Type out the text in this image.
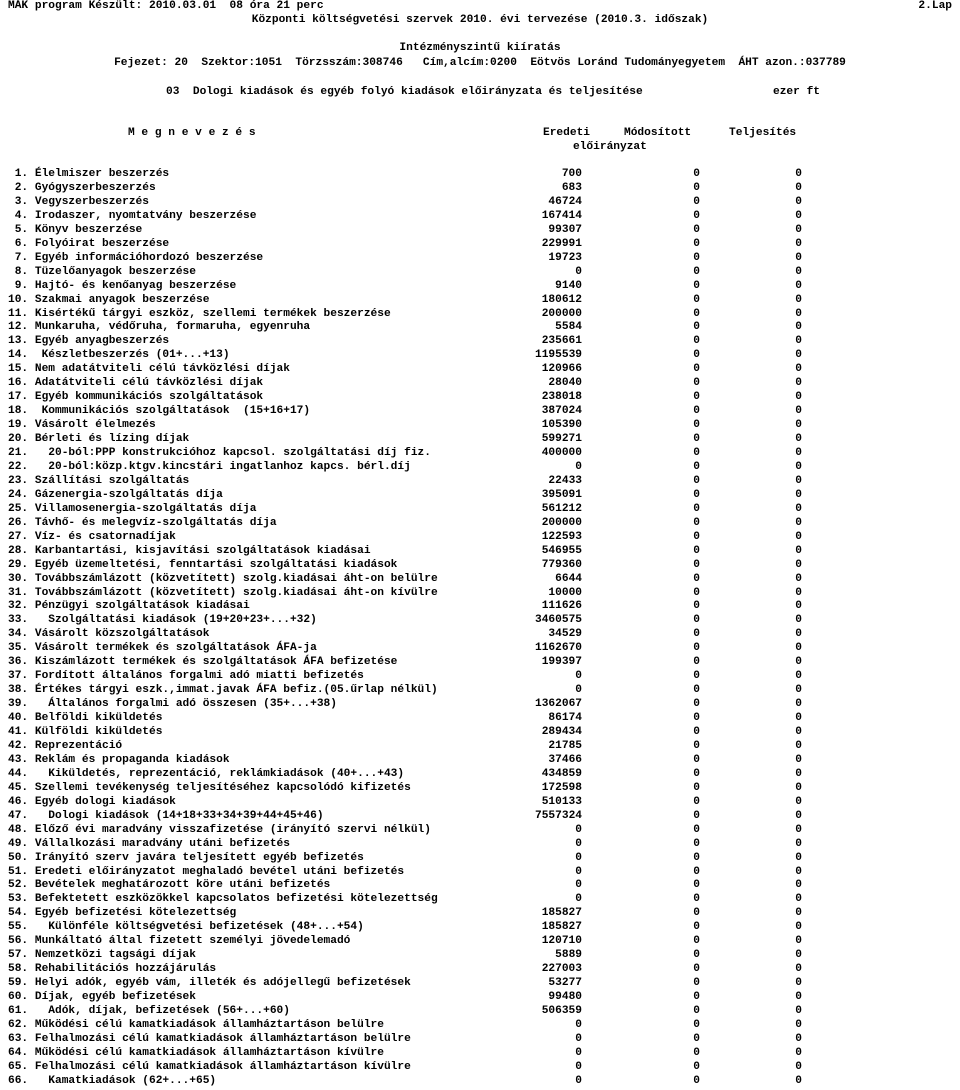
MÁK program Készült: 2010.03.01  08 óra 21 perc	2.Lap
Központi költségvetési szervek 2010. évi tervezése (2010.3. időszak)
Intézményszintű kiíratás
Fejezet: 20  Szektor:1051  Törzsszám:308746   Cím,alcím:0200  Eötvös Loránd Tudományegyetem  ÁHT azon.:037789
03  Dologi kiadások és egyéb folyó kiadások előirányzata és teljesítése	ezer ft
M e g n e v e z é s	Eredeti	Módosított	Teljesítés
előirányzat
1. Élelmiszer beszerzés	700	0	0
2. Gyógyszerbeszerzés	683	0	0
3. Vegyszerbeszerzés	46724	0	0
4. Irodaszer, nyomtatvány beszerzése	167414	0	0
5. Könyv beszerzése	99307	0	0
6. Folyóirat beszerzése	229991	0	0
7. Egyéb információhordozó beszerzése	19723	0	0
8. Tüzelőanyagok beszerzése	0	0	0
9. Hajtó- és kenőanyag beszerzése	9140	0	0
10. Szakmai anyagok beszerzése	180612	0	0
11. Kisértékű tárgyi eszköz, szellemi termékek beszerzése	200000	0	0
12. Munkaruha, védőruha, formaruha, egyenruha	5584	0	0
13. Egyéb anyagbeszerzés	235661	0	0
14.  Készletbeszerzés (01+...+13)	1195539	0	0
15. Nem adatátviteli célú távközlési díjak	120966	0	0
16. Adatátviteli célú távközlési díjak	28040	0	0
17. Egyéb kommunikációs szolgáltatások	238018	0	0
18.  Kommunikációs szolgáltatások  (15+16+17)	387024	0	0
19. Vásárolt élelmezés	105390	0	0
20. Bérleti és lízing díjak	599271	0	0
21.   20-ból:PPP konstrukcióhoz kapcsol. szolgáltatási díj fiz.	400000	0	0
22.   20-ból:közp.ktgv.kincstári ingatlanhoz kapcs. bérl.díj	0	0	0
23. Szállítási szolgáltatás	22433	0	0
24. Gázenergia-szolgáltatás díja	395091	0	0
25. Villamosenergia-szolgáltatás díja	561212	0	0
26. Távhő- és melegvíz-szolgáltatás díja	200000	0	0
27. Víz- és csatornadíjak	122593	0	0
28. Karbantartási, kisjavítási szolgáltatások kiadásai	546955	0	0
29. Egyéb üzemeltetési, fenntartási szolgáltatási kiadások	779360	0	0
30. Továbbszámlázott (közvetített) szolg.kiadásai áht-on belülre	6644	0	0
31. Továbbszámlázott (közvetített) szolg.kiadásai áht-on kívülre	10000	0	0
32. Pénzügyi szolgáltatások kiadásai	111626	0	0
33.   Szolgáltatási kiadások (19+20+23+...+32)	3460575	0	0
34. Vásárolt közszolgáltatások	34529	0	0
35. Vásárolt termékek és szolgáltatások ÁFA-ja	1162670	0	0
36. Kiszámlázott termékek és szolgáltatások ÁFA befizetése	199397	0	0
37. Fordított általános forgalmi adó miatti befizetés	0	0	0
38. Értékes tárgyi eszk.,immat.javak ÁFA befiz.(05.űrlap nélkül)	0	0	0
39.   Általános forgalmi adó összesen (35+...+38)	1362067	0	0
40. Belföldi kiküldetés	86174	0	0
41. Külföldi kiküldetés	289434	0	0
42. Reprezentáció	21785	0	0
43. Reklám és propaganda kiadások	37466	0	0
44.   Kiküldetés, reprezentáció, reklámkiadások (40+...+43)	434859	0	0
45. Szellemi tevékenység teljesítéséhez kapcsolódó kifizetés	172598	0	0
46. Egyéb dologi kiadások	510133	0	0
47.   Dologi kiadások (14+18+33+34+39+44+45+46)	7557324	0	0
48. Előző évi maradvány visszafizetése (irányító szervi nélkül)	0	0	0
49. Vállalkozási maradvány utáni befizetés	0	0	0
50. Irányító szerv javára teljesített egyéb befizetés	0	0	0
51. Eredeti előirányzatot meghaladó bevétel utáni befizetés	0	0	0
52. Bevételek meghatározott köre utáni befizetés	0	0	0
53. Befektetett eszközökkel kapcsolatos befizetési kötelezettség	0	0	0
54. Egyéb befizetési kötelezettség	185827	0	0
55.   Különféle költségvetési befizetések (48+...+54)	185827	0	0
56. Munkáltató által fizetett személyi jövedelemadó	120710	0	0
57. Nemzetközi tagsági díjak	5889	0	0
58. Rehabilitációs hozzájárulás	227003	0	0
59. Helyi adók, egyéb vám, illeték és adójellegű befizetések	53277	0	0
60. Díjak, egyéb befizetések	99480	0	0
61.   Adók, díjak, befizetések (56+...+60)	506359	0	0
62. Működési célú kamatkiadások államháztartáson belülre	0	0	0
63. Felhalmozási célú kamatkiadások államháztartáson belülre	0	0	0
64. Működési célú kamatkiadások államháztartáson kívülre	0	0	0
65. Felhalmozási célú kamatkiadások államháztartáson kívülre	0	0	0
66.   Kamatkiadások (62+...+65)	0	0	0
